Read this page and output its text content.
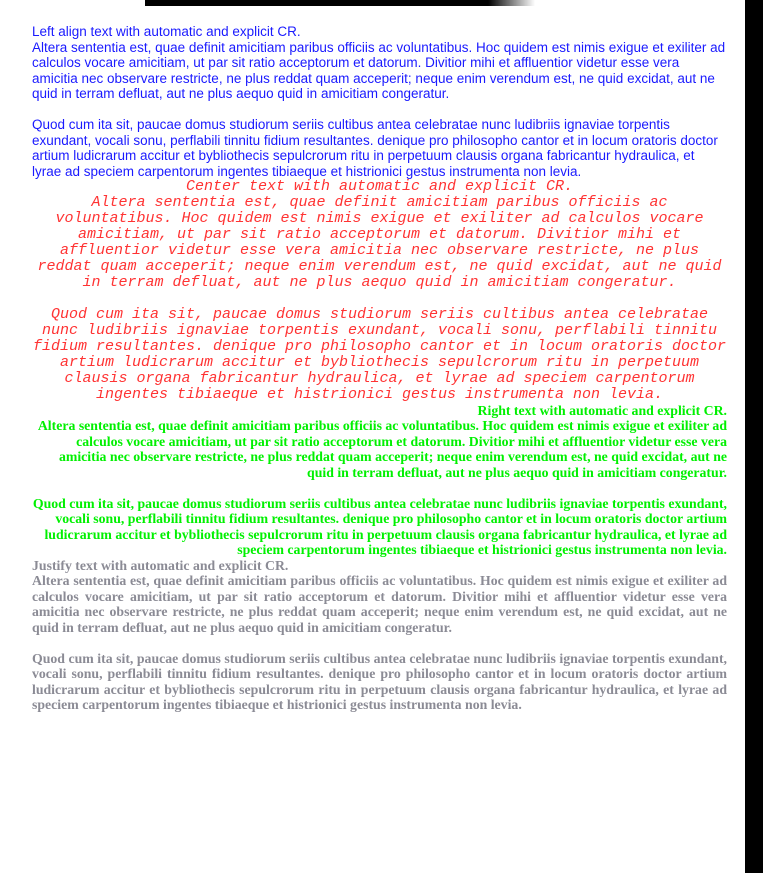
Left align text with automatic and explicit CR.
Altera sententia est, quae definit amicitiam paribus officiis ac voluntatibus. Hoc quidem est nimis exigue et exiliter ad calculos vocare amicitiam, ut par sit ratio acceptorum et datorum. Divitior mihi et affluentior videtur esse vera amicitia nec observare restricte, ne plus reddat quam acceperit; neque enim verendum est, ne quid excidat, aut ne quid in terram defluat, aut ne plus aequo quid in amicitiam congeratur.
Quod cum ita sit, paucae domus studiorum seriis cultibus antea celebratae nunc ludibriis ignaviae torpentis exundant, vocali sonu, perflabili tinnitu fidium resultantes. denique pro philosopho cantor et in locum oratoris doctor artium ludicrarum accitur et bybliothecis sepulcrorum ritu in perpetuum clausis organa fabricantur hydraulica, et lyrae ad speciem carpentorum ingentes tibiaeque et histrionici gestus instrumenta non levia.
Center text with automatic and explicit CR.
Altera sententia est, quae definit amicitiam paribus officiis ac voluntatibus. Hoc quidem est nimis exigue et exiliter ad calculos vocare amicitiam, ut par sit ratio acceptorum et datorum. Divitior mihi et affluentior videtur esse vera amicitia nec observare restricte, ne plus reddat quam acceperit; neque enim verendum est, ne quid excidat, aut ne quid in terram defluat, aut ne plus aequo quid in amicitiam congeratur.
Quod cum ita sit, paucae domus studiorum seriis cultibus antea celebratae nunc ludibriis ignaviae torpentis exundant, vocali sonu, perflabili tinnitu fidium resultantes. denique pro philosopho cantor et in locum oratoris doctor artium ludicrarum accitur et bybliothecis sepulcrorum ritu in perpetuum clausis organa fabricantur hydraulica, et lyrae ad speciem carpentorum ingentes tibiaeque et histrionici gestus instrumenta non levia.
Right text with automatic and explicit CR.
Altera sententia est, quae definit amicitiam paribus officiis ac voluntatibus. Hoc quidem est nimis exigue et exiliter ad calculos vocare amicitiam, ut par sit ratio acceptorum et datorum. Divitior mihi et affluentior videtur esse vera amicitia nec observare restricte, ne plus reddat quam acceperit; neque enim verendum est, ne quid excidat, aut ne quid in terram defluat, aut ne plus aequo quid in amicitiam congeratur.
Quod cum ita sit, paucae domus studiorum seriis cultibus antea celebratae nunc ludibriis ignaviae torpentis exundant, vocali sonu, perflabili tinnitu fidium resultantes. denique pro philosopho cantor et in locum oratoris doctor artium ludicrarum accitur et bybliothecis sepulcrorum ritu in perpetuum clausis organa fabricantur hydraulica, et lyrae ad speciem carpentorum ingentes tibiaeque et histrionici gestus instrumenta non levia.
Justify text with automatic and explicit CR.
Altera sententia est, quae definit amicitiam paribus officiis ac voluntatibus. Hoc quidem est nimis exigue et exiliter ad calculos vocare amicitiam, ut par sit ratio acceptorum et datorum. Divitior mihi et affluentior videtur esse vera amicitia nec observare restricte, ne plus reddat quam acceperit; neque enim verendum est, ne quid excidat, aut ne quid in terram defluat, aut ne plus aequo quid in amicitiam congeratur.
Quod cum ita sit, paucae domus studiorum seriis cultibus antea celebratae nunc ludibriis ignaviae torpentis exundant, vocali sonu, perflabili tinnitu fidium resultantes. denique pro philosopho cantor et in locum oratoris doctor artium ludicrarum accitur et bybliothecis sepulcrorum ritu in perpetuum clausis organa fabricantur hydraulica, et lyrae ad speciem carpentorum ingentes tibiaeque et histrionici gestus instrumenta non levia.
